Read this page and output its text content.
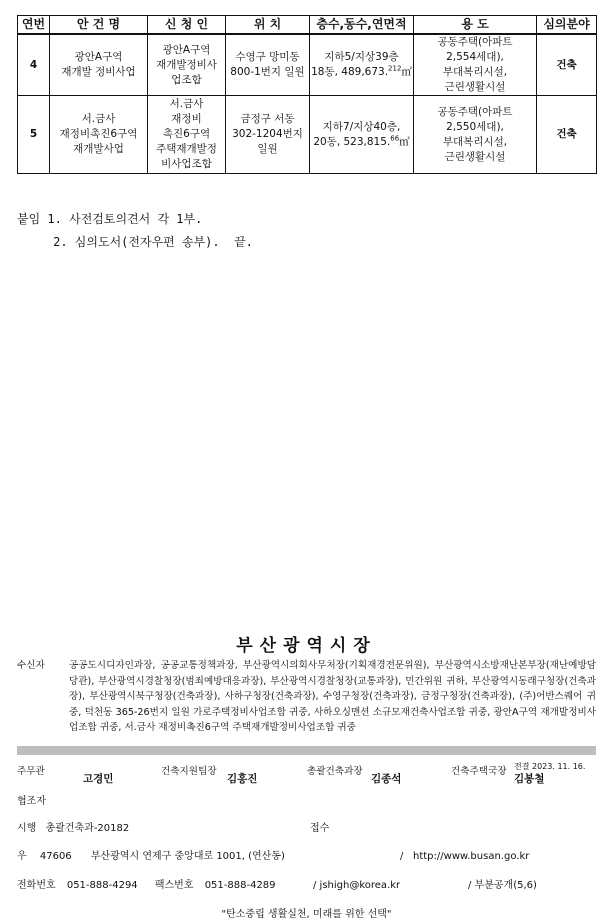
연번	안 건 명	신 청 인	위 치	층수,동수,연면적	용 도	심의분야
4	광안A구역
재개발 정비사업	광안A구역
재개발정비사
업조합	수영구 망미동
800-1번지 일원	지하5/지상39층
18동, 489,673.$^{212}$㎡	공동주택(아파트
2,554세대),
부대복리시설,
근린생활시설	건축
5	서.금사
재정비촉진6구역
재개발사업	서.금사
재정비
촉진6구역
주택재개발정
비사업조합	금정구 서동
302-1204번지
일원	지하7/지상40층,
20동, 523,815.66㎡	공동주택(아파트
2,550세대),
부대복리시설,
근린생활시설	건축
붙임 1. 사전검토의견서 각 1부.
2. 심의도서(전자우편 송부). 끝.
부산광역시장
수신자	공공도시디자인과장, 공공교통정책과장, 부산광역시의회사무처장(기획재경전문위원), 부산광역시소방재난본부장(재난예방담당관), 부산광역시경찰청장(범죄예방대응과장), 부산광역시경찰청장(교통과장), 민간위원 귀하, 부산광역시동래구청장(건축과장), 부산광역시북구청장(건축과장), 사하구청장(건축과장), 수영구청장(건축과장), 금정구청장(건축과장), (주)어반스퀘어 귀중, 덕천동 365-26번지 일원 가로주택정비사업조합 귀중, 사하오싱맨션 소규모재건축사업조합 귀중, 광안A구역 재개발정비사업조합 귀중, 서.금사 재정비촉진6구역 주택재개발정비사업조합 귀중
주무관
고경민
건축지원팀장
김홍진
총괄건축과장
김종석
건축주택국장 전결 2023. 11. 16.
김봉철
협조자
시행 총괄건축과-20182	접수
우 47606 부산광역시 연제구 중앙대로 1001, (연산동)	/ http://www.busan.go.kr
전화번호 051-888-4294 팩스번호 051-888-4289	/ jshigh@korea.kr	/ 부분공개(5,6)
"탄소중립 생활실천, 미래를 위한 선택"
